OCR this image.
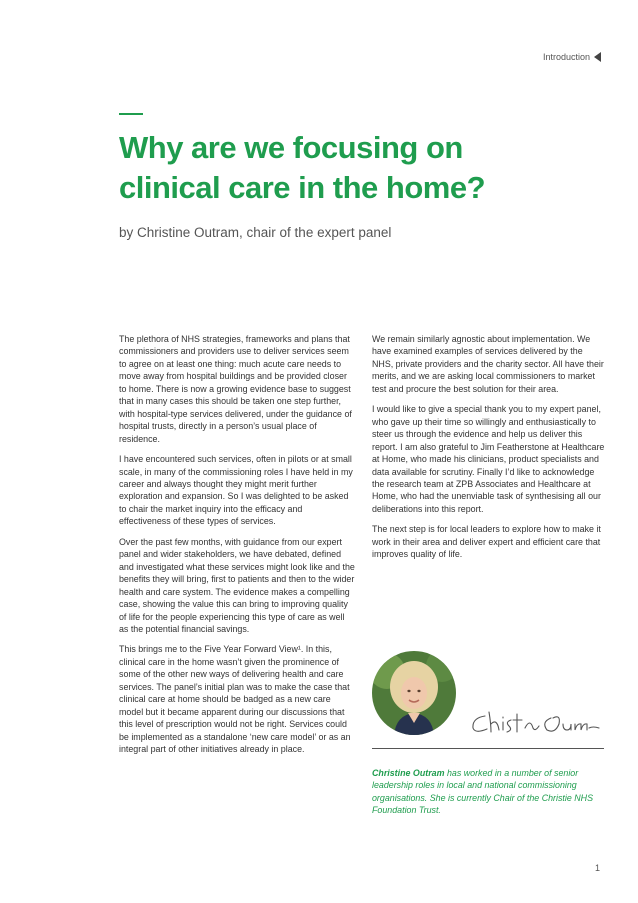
Introduction
Why are we focusing on
clinical care in the home?

by Christine Outram, chair of the expert panel

The plethora of NHS strategies, frameworks and plans that commissioners and providers use to deliver services seem to agree on at least one thing: much acute care needs to move away from hospital buildings and be provided closer to home. There is now a growing evidence base to suggest that in many cases this should be taken one step further, with hospital-type services delivered, under the guidance of hospital trusts, directly in a person’s usual place of residence.

I have encountered such services, often in pilots or at small scale, in many of the commissioning roles I have held in my career and always thought they might merit further exploration and expansion. So I was delighted to be asked to chair the market inquiry into the efficacy and effectiveness of these types of services.

Over the past few months, with guidance from our expert panel and wider stakeholders, we have debated, defined and investigated what these services might look like and the benefits they will bring, first to patients and then to the wider health and care system. The evidence makes a compelling case, showing the value this can bring to improving quality of life for the people experiencing this type of care as well as the potential financial savings.

This brings me to the Five Year Forward View¹. In this, clinical care in the home wasn’t given the prominence of some of the other new ways of delivering health and care services. The panel’s initial plan was to make the case that clinical care at home should be badged as a new care model but it became apparent during our discussions that this level of prescription would not be right. Services could be implemented as a standalone ‘new care model’ or as an integral part of other initiatives already in place.

We remain similarly agnostic about implementation. We have examined examples of services delivered by the NHS, private providers and the charity sector. All have their merits, and we are asking local commissioners to market test and procure the best solution for their area.

I would like to give a special thank you to my expert panel, who gave up their time so willingly and enthusiastically to steer us through the evidence and help us deliver this report. I am also grateful to Jim Featherstone at Healthcare at Home, who made his clinicians, product specialists and data available for scrutiny. Finally I’d like to acknowledge the research team at ZPB Associates and Healthcare at Home, who had the unenviable task of synthesising all our deliberations into this report.

The next step is for local leaders to explore how to make it work in their area and deliver expert and efficient care that improves quality of life.

Christine Outram has worked in a number of senior leadership roles in local and national commissioning organisations. She is currently Chair of the Christie NHS Foundation Trust.

1
